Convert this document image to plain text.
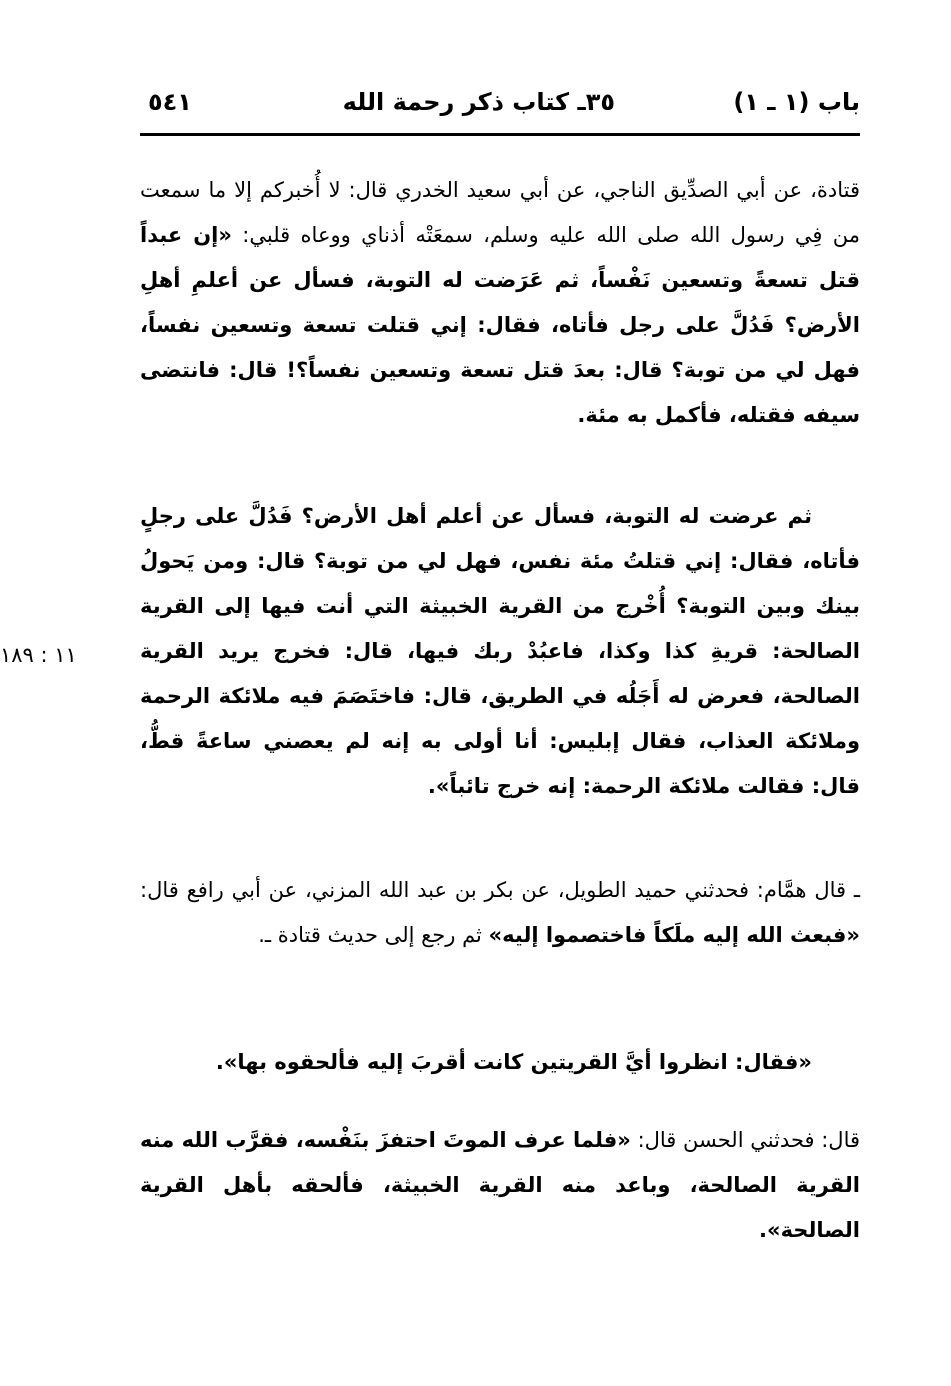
باب (١ ـ ١)
٣٥ـ كتاب ذكر رحمة الله
٥٤١
قتادة، عن أبي الصدِّيق الناجي، عن أبي سعيد الخدري قال: لا أُخبركم إلا ما سمعت من فِي رسول الله صلى الله عليه وسلم، سمعَتْه أذناي ووعاه قلبي: «إن عبداً قتل تسعةً وتسعين نَفْساً، ثم عَرَضت له التوبة، فسأل عن أعلمِ أهلِ الأرض؟ فَدُلَّ على رجل فأتاه، فقال: إني قتلت تسعة وتسعين نفساً، فهل لي من توبة؟ قال: بعدَ قتل تسعة وتسعين نفساً؟! قال: فانتضى سيفه فقتله، فأكمل به مئة.
ثم عرضت له التوبة، فسأل عن أعلم أهل الأرض؟ فَدُلَّ على رجلٍ فأتاه، فقال: إني قتلتُ مئة نفس، فهل لي من توبة؟ قال: ومن يَحولُ بينك وبين التوبة؟ أُخْرج من القرية الخبيثة التي أنت فيها إلى القرية الصالحة: قريةِ كذا وكذا، فاعبُدْ ربك فيها، قال: فخرج يريد القرية الصالحة، فعرض له أَجَلُه في الطريق، قال: فاختَصَمَ فيه ملائكة الرحمة وملائكة العذاب، فقال إبليس: أنا أولى به إنه لم يعصني ساعةً قطُّ، قال: فقالت ملائكة الرحمة: إنه خرج تائباً».
١١ : ١٨٩
ـ قال همَّام: فحدثني حميد الطويل، عن بكر بن عبد الله المزني، عن أبي رافع قال: «فبعث الله إليه ملَكاً فاختصموا إليه» ثم رجع إلى حديث قتادة ـ.
«فقال: انظروا أيَّ القريتين كانت أقربَ إليه فألحقوه بها».
قال: فحدثني الحسن قال: «فلما عرف الموتَ احتفزَ بنَفْسه، فقرَّب الله منه القرية الصالحة، وباعد منه القرية الخبيثة، فألحقه بأهل القرية الصالحة».
